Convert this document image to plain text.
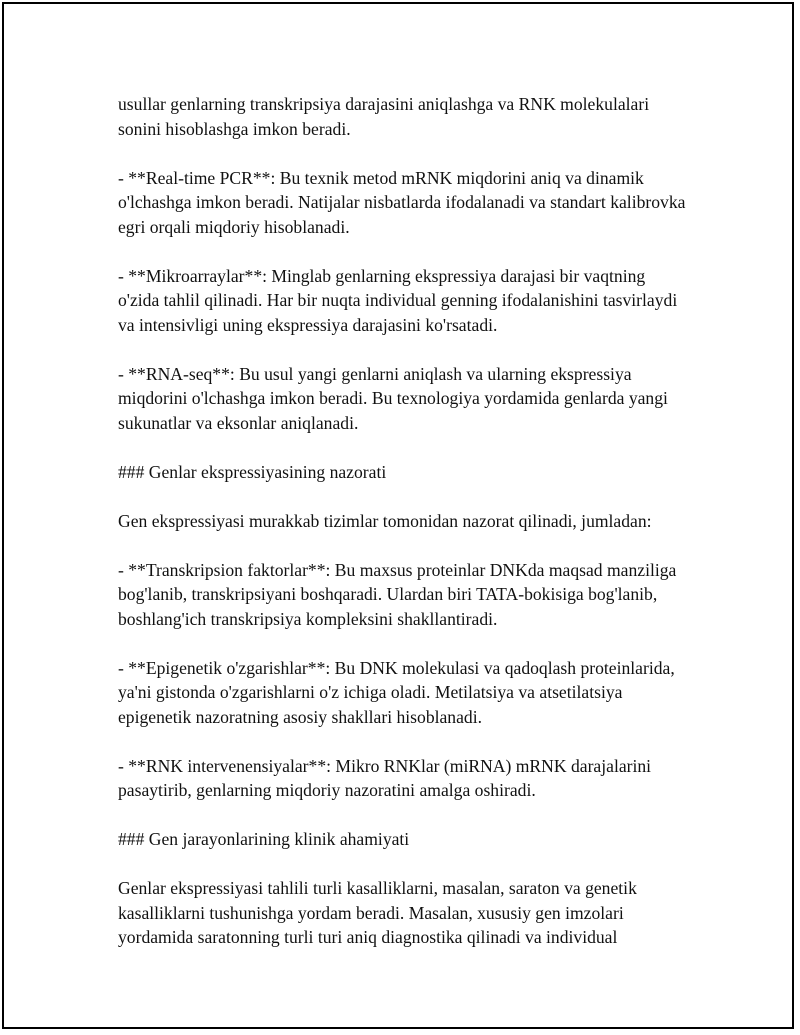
usullar genlarning transkripsiya darajasini aniqlashga va RNK molekulalari sonini hisoblashga imkon beradi.

- **Real-time PCR**: Bu texnik metod mRNK miqdorini aniq va dinamik o'lchashga imkon beradi. Natijalar nisbatlarda ifodalanadi va standart kalibrovka egri orqali miqdoriy hisoblanadi.

- **Mikroarraylar**: Minglab genlarning ekspressiya darajasi bir vaqtning o'zida tahlil qilinadi. Har bir nuqta individual genning ifodalanishini tasvirlaydi va intensivligi uning ekspressiya darajasini ko'rsatadi.

- **RNA-seq**: Bu usul yangi genlarni aniqlash va ularning ekspressiya miqdorini o'lchashga imkon beradi. Bu texnologiya yordamida genlarda yangi sukunatlar va eksonlar aniqlanadi.

### Genlar ekspressiyasining nazorati

Gen ekspressiyasi murakkab tizimlar tomonidan nazorat qilinadi, jumladan:

- **Transkripsion faktorlar**: Bu maxsus proteinlar DNKda maqsad manziliga bog'lanib, transkripsiyani boshqaradi. Ulardan biri TATA-bokisiga bog'lanib, boshlang'ich transkripsiya kompleksini shakllantiradi.

- **Epigenetik o'zgarishlar**: Bu DNK molekulasi va qadoqlash proteinlarida, ya'ni gistonda o'zgarishlarni o'z ichiga oladi. Metilatsiya va atsetilatsiya epigenetik nazoratning asosiy shakllari hisoblanadi.

- **RNK intervenensiyalar**: Mikro RNKlar (miRNA) mRNK darajalarini pasaytirib, genlarning miqdoriy nazoratini amalga oshiradi.

### Gen jarayonlarining klinik ahamiyati

Genlar ekspressiyasi tahlili turli kasalliklarni, masalan, saraton va genetik kasalliklarni tushunishga yordam beradi. Masalan, xususiy gen imzolari yordamida saratonning turli turi aniq diagnostika qilinadi va individual
